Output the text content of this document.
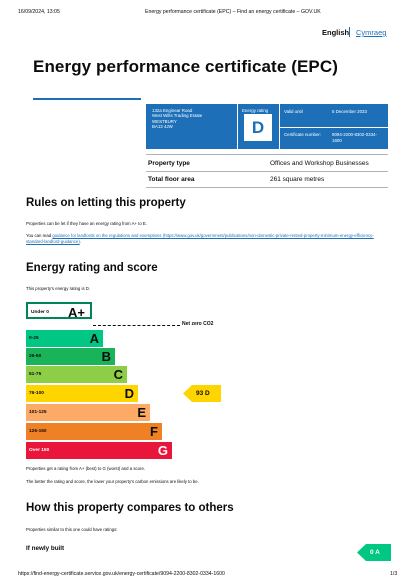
16/09/2024, 13:05	Energy performance certificate (EPC) – Find an energy certificate – GOV.UK
English Cymraeg
Energy performance certificate (EPC)
132a Enginear Road
West Wilts Trading Estate
WESTBURY
BA13 4JW
Energy rating
D
Valid until	5 December 2033
Certificate number:	9094-2200-8302-0334-1600
Property type	Offices and Workshop Businesses
Total floor area	261 square metres
Rules on letting this property
Properties can be let if they have an energy rating from A+ to E.
You can read guidance for landlords on the regulations and exemptions (https://www.gov.uk/government/publications/non-domestic-private-rented-property-minimum-energy-efficiency-standard-landlord-guidance).
Energy rating and score
This property's energy rating is D.
Under 0 A+
Net zero CO2
0-25	A
26-50	B
51-75	C
76-100	D
101-125	E
126-150	F
Over 150	G
93 D
Properties get a rating from A+ (best) to G (worst) and a score.
The better the rating and score, the lower your property's carbon emissions are likely to be.
How this property compares to others
Properties similar to this one could have ratings:
If newly built
0 A
https://find-energy-certificate.service.gov.uk/energy-certificate/9094-2200-8302-0334-1600	1/3
